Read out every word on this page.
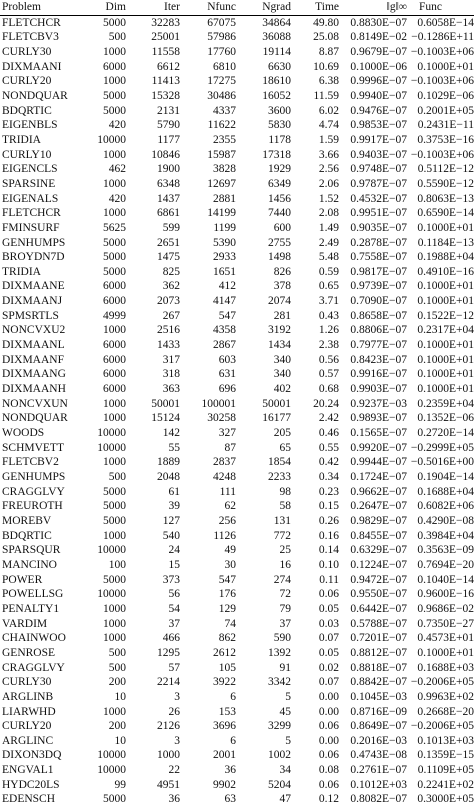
Problem	Dim	Iter	Nfunc	Ngrad	Time	‖g‖∞	Func
FLETCHCR	5000	32283	67075	34864	49.80	0.8830E−07	0.6058E−14
FLETCBV3	500	25001	57986	36088	25.08	0.8149E−02	−0.1286E+11
CURLY30	1000	11558	17760	19114	8.87	0.9679E−07	−0.1003E+06
DIXMAANI	6000	6612	6810	6630	10.69	0.1000E−06	0.1000E+01
CURLY20	1000	11413	17275	18610	6.38	0.9996E−07	−0.1003E+06
NONDQUAR	5000	15328	30486	16052	11.59	0.9940E−07	0.1029E−06
BDQRTIC	5000	2131	4337	3600	6.02	0.9476E−07	0.2001E+05
EIGENBLS	420	5790	11622	5830	4.74	0.9853E−07	0.2431E−11
TRIDIA	10000	1177	2355	1178	1.59	0.9917E−07	0.3753E−16
CURLY10	1000	10846	15987	17318	3.66	0.9403E−07	−0.1003E+06
EIGENCLS	462	1900	3828	1929	2.56	0.9748E−07	0.5112E−12
SPARSINE	1000	6348	12697	6349	2.06	0.9787E−07	0.5590E−12
EIGENALS	420	1437	2881	1456	1.52	0.4532E−07	0.8063E−13
FLETCHCR	1000	6861	14199	7440	2.08	0.9951E−07	0.6590E−14
FMINSURF	5625	599	1199	600	1.49	0.9035E−07	0.1000E+01
GENHUMPS	5000	2651	5390	2755	2.49	0.2878E−07	0.1184E−13
BROYDN7D	5000	1475	2933	1498	5.48	0.7558E−07	0.1988E+04
TRIDIA	5000	825	1651	826	0.59	0.9817E−07	0.4910E−16
DIXMAANE	6000	362	412	378	0.65	0.9739E−07	0.1000E+01
DIXMAANJ	6000	2073	4147	2074	3.71	0.7090E−07	0.1000E+01
SPMSRTLS	4999	267	547	281	0.43	0.8658E−07	0.1522E−12
NONCVXU2	1000	2516	4358	3192	1.26	0.8806E−07	0.2317E+04
DIXMAANL	6000	1433	2867	1434	2.38	0.7977E−07	0.1000E+01
DIXMAANF	6000	317	603	340	0.56	0.8423E−07	0.1000E+01
DIXMAANG	6000	318	631	340	0.57	0.9916E−07	0.1000E+01
DIXMAANH	6000	363	696	402	0.68	0.9903E−07	0.1000E+01
NONCVXUN	1000	50001	100001	50001	20.24	0.9237E−03	0.2359E+04
NONDQUAR	1000	15124	30258	16177	2.42	0.9893E−07	0.1352E−06
WOODS	10000	142	327	205	0.46	0.1565E−07	0.2720E−14
SCHMVETT	10000	55	87	65	0.55	0.9920E−07	−0.2999E+05
FLETCBV2	1000	1889	2837	1854	0.42	0.9944E−07	−0.5016E+00
GENHUMPS	500	2048	4248	2233	0.34	0.1724E−07	0.1904E−14
CRAGGLVY	5000	61	111	98	0.23	0.9662E−07	0.1688E+04
FREUROTH	5000	39	62	58	0.15	0.2647E−07	0.6082E+06
MOREBV	5000	127	256	131	0.26	0.9829E−07	0.4290E−08
BDQRTIC	1000	540	1126	772	0.16	0.8455E−07	0.3984E+04
SPARSQUR	10000	24	49	25	0.14	0.6329E−07	0.3563E−09
MANCINO	100	15	30	16	0.10	0.1224E−07	0.7694E−20
POWER	5000	373	547	274	0.11	0.9472E−07	0.1040E−14
POWELLSG	10000	56	176	72	0.06	0.9550E−07	0.9600E−16
PENALTY1	1000	54	129	79	0.05	0.6442E−07	0.9686E−02
VARDIM	1000	37	74	37	0.03	0.5788E−07	0.7350E−27
CHAINWOO	1000	466	862	590	0.07	0.7201E−07	0.4573E+01
GENROSE	500	1295	2612	1392	0.05	0.8812E−07	0.1000E+01
CRAGGLVY	500	57	105	91	0.02	0.8818E−07	0.1688E+03
CURLY30	200	2214	3922	3342	0.07	0.8842E−07	−0.2006E+05
ARGLINB	10	3	6	5	0.00	0.1045E−03	0.9963E+02
LIARWHD	1000	26	153	45	0.00	0.8716E−09	0.2668E−20
CURLY20	200	2126	3696	3299	0.06	0.8649E−07	−0.2006E+05
ARGLINC	10	3	6	5	0.00	0.2016E−03	0.1013E+03
DIXON3DQ	10000	1000	2001	1002	0.06	0.4743E−08	0.1359E−15
ENGVAL1	10000	22	36	34	0.08	0.2761E−07	0.1109E+05
HYDC20LS	99	4951	9902	5204	0.06	0.1012E+03	0.2241E+02
EDENSCH	5000	36	63	47	0.12	0.8082E−07	0.3000E+05
